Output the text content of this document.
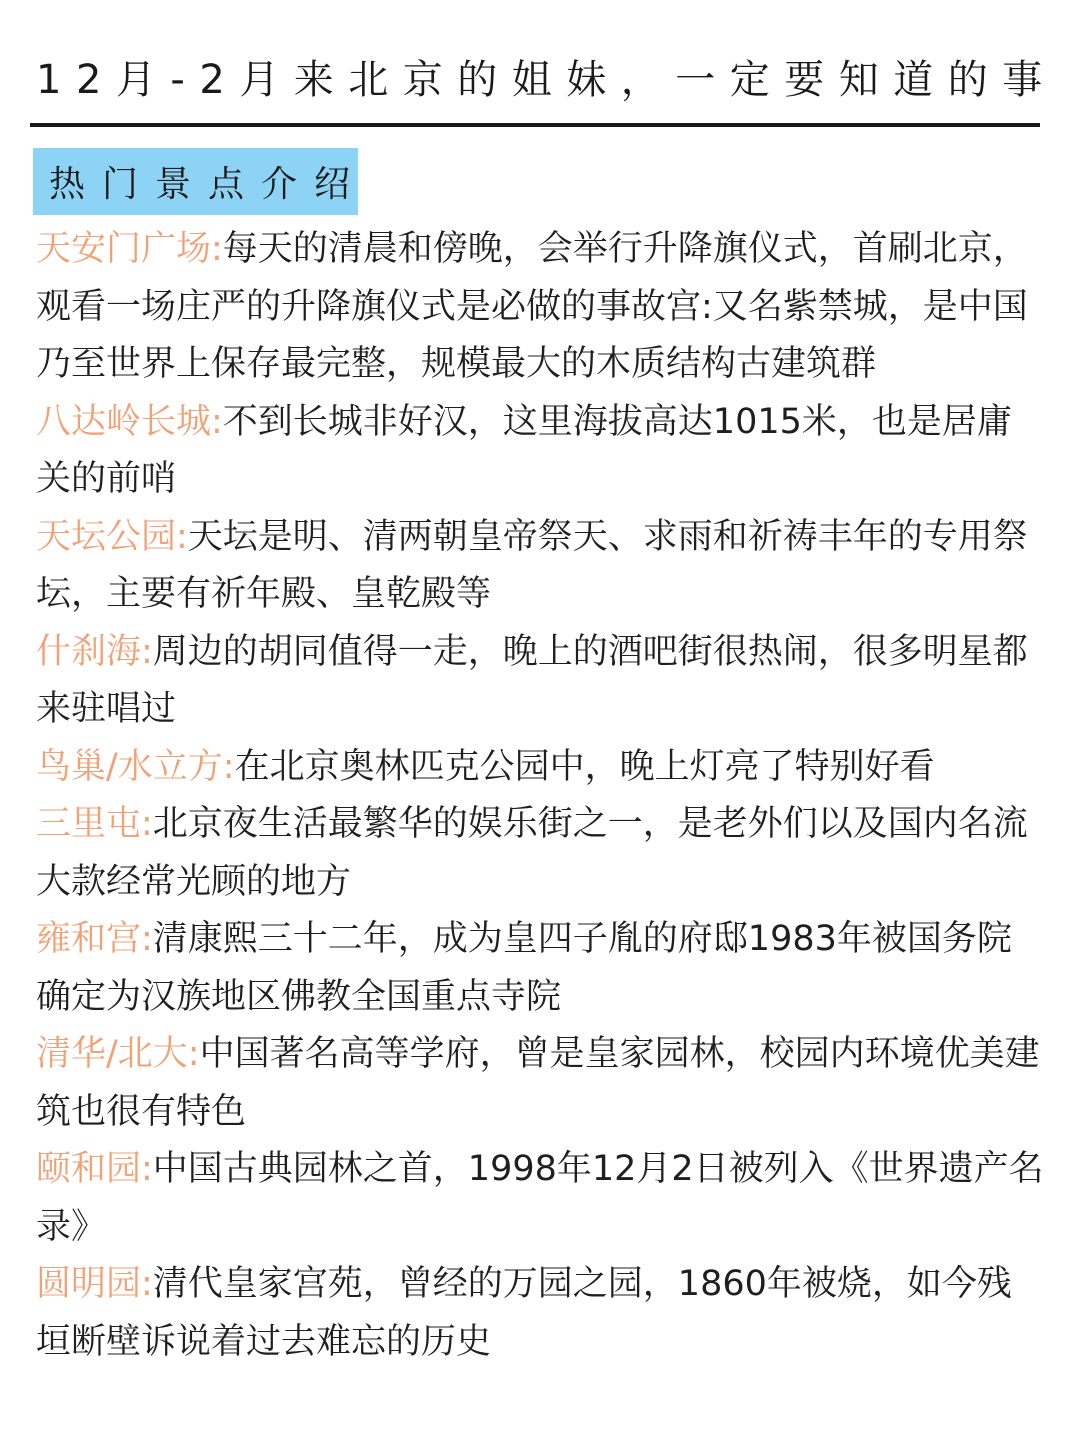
12月-2月来北京的姐妹，一定要知道的事
热门景点介绍

天安门广场:每天的清晨和傍晚，会举行升降旗仪式，首刷北京，观看一场庄严的升降旗仪式是必做的事故宫:又名紫禁城，是中国乃至世界上保存最完整，规模最大的木质结构古建筑群

八达岭长城:不到长城非好汉，这里海拔高达1015米，也是居庸关的前哨

天坛公园:天坛是明、清两朝皇帝祭天、求雨和祈祷丰年的专用祭坛，主要有祈年殿、皇乾殿等

什刹海:周边的胡同值得一走，晚上的酒吧街很热闹，很多明星都来驻唱过

鸟巢/水立方:在北京奥林匹克公园中，晚上灯亮了特别好看

三里屯:北京夜生活最繁华的娱乐街之一，是老外们以及国内名流大款经常光顾的地方

雍和宫:清康熙三十二年，成为皇四子胤的府邸1983年被国务院确定为汉族地区佛教全国重点寺院

清华/北大:中国著名高等学府，曾是皇家园林，校园内环境优美建筑也很有特色

颐和园:中国古典园林之首，1998年12月2日被列入《世界遗产名录》

圆明园:清代皇家宫苑，曾经的万园之园，1860年被烧，如今残垣断壁诉说着过去难忘的历史
